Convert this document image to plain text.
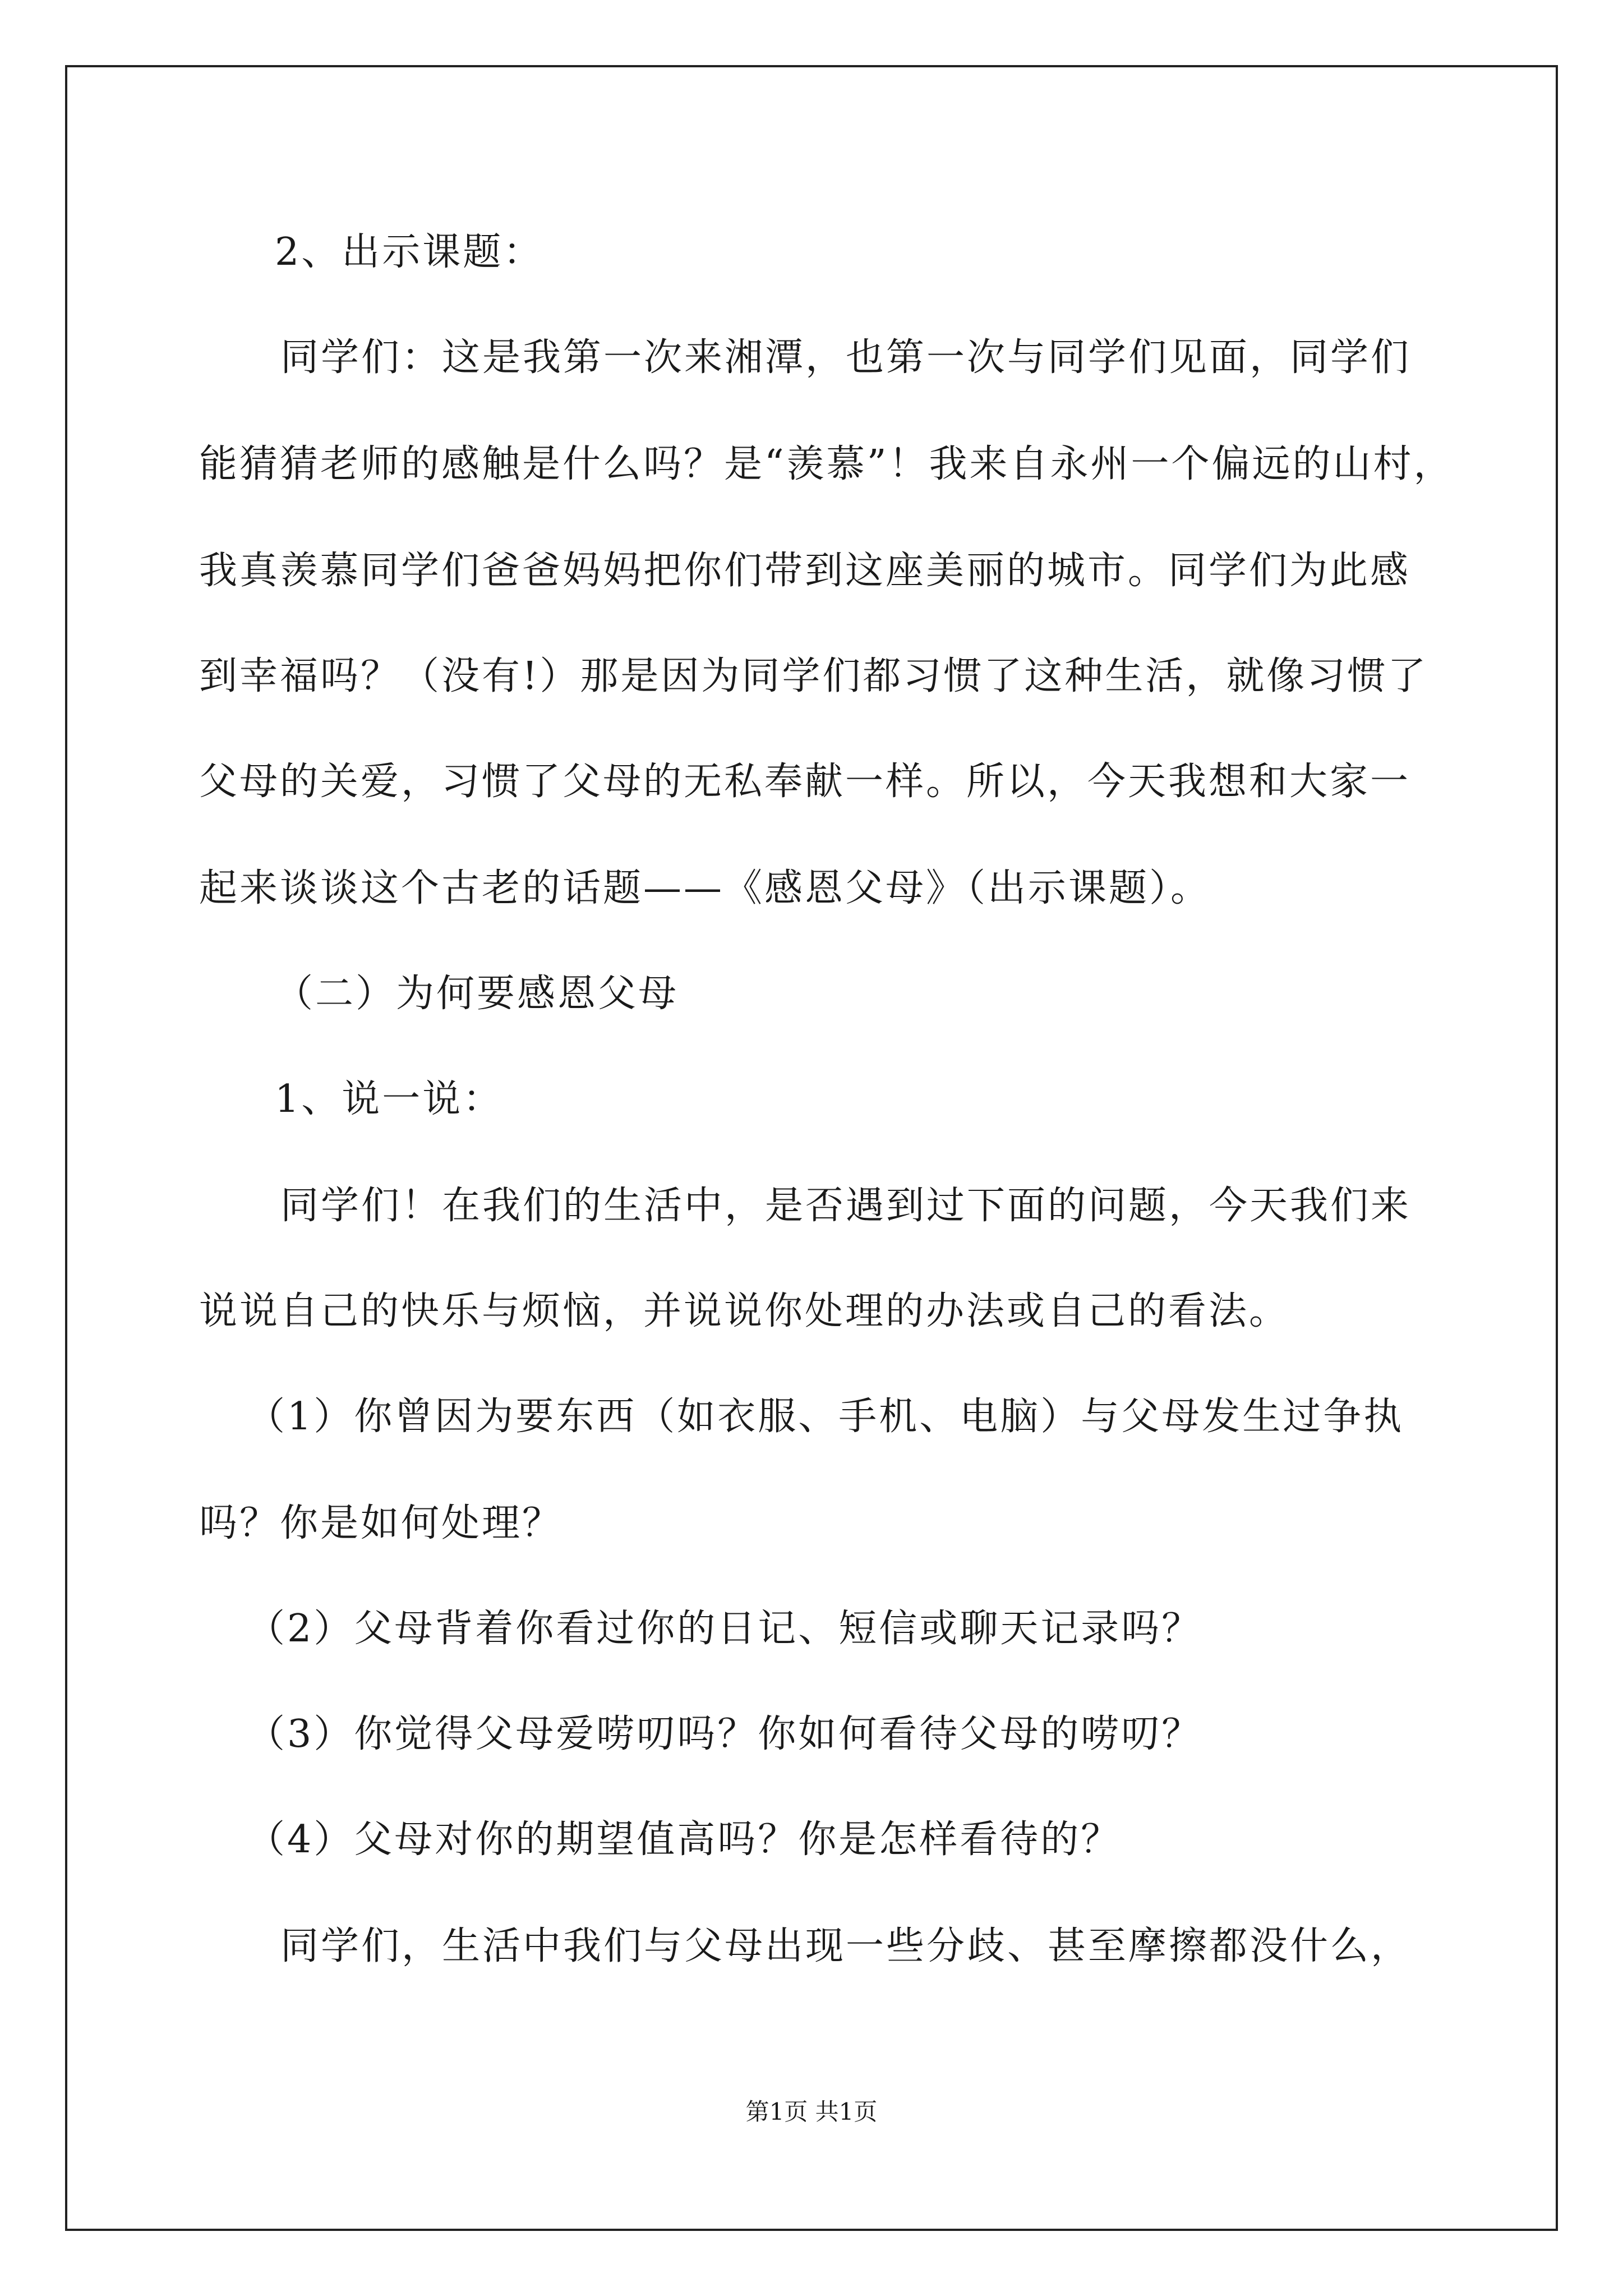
2、出示课题：
同学们：这是我第一次来湘潭，也第一次与同学们见面，同学们
能猜猜老师的感触是什么吗？是“羡慕”！我来自永州一个偏远的山村，
我真羡慕同学们爸爸妈妈把你们带到这座美丽的城市。同学们为此感
到幸福吗？（没有!）那是因为同学们都习惯了这种生活，就像习惯了
父母的关爱，习惯了父母的无私奉献一样。所以，今天我想和大家一
起来谈谈这个古老的话题——《感恩父母》（出示课题）。
（二）为何要感恩父母
1、说一说：
同学们！在我们的生活中，是否遇到过下面的问题，今天我们来
说说自己的快乐与烦恼，并说说你处理的办法或自己的看法。
（1）你曾因为要东西（如衣服、手机、电脑）与父母发生过争执
吗？你是如何处理？
（2）父母背着你看过你的日记、短信或聊天记录吗？
（3）你觉得父母爱唠叨吗？你如何看待父母的唠叨？
（4）父母对你的期望值高吗？你是怎样看待的？
同学们，生活中我们与父母出现一些分歧、甚至摩擦都没什么，
第1页 共1页
